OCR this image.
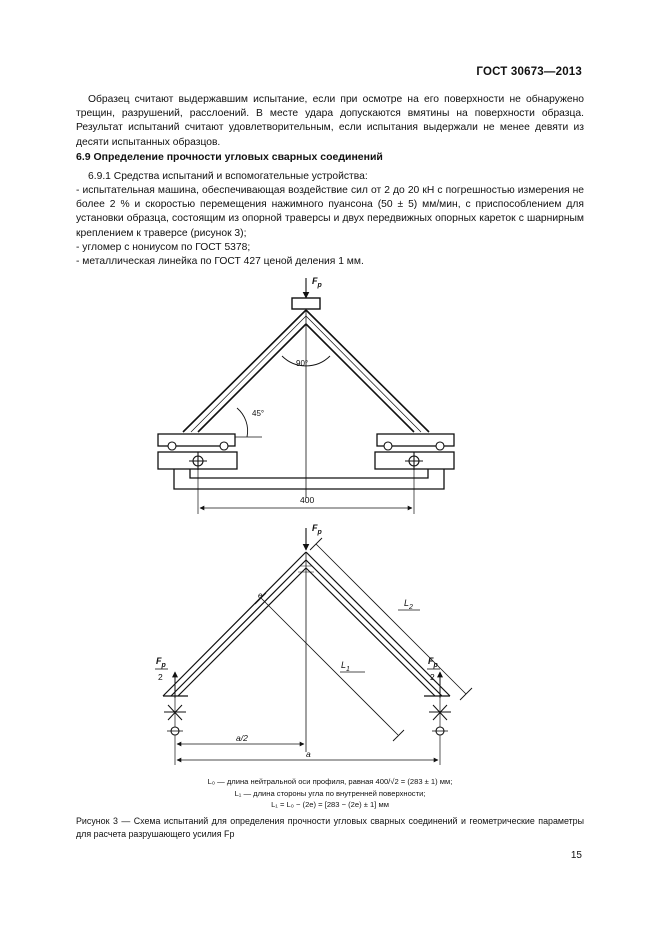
ГОСТ 30673—2013
Образец считают выдержавшим испытание, если при осмотре на его поверхности не обнаружено трещин, разрушений, расслоений. В месте удара допускаются вмятины на поверхности образца. Результат испытаний считают удовлетворительным, если испытания выдержали не менее девяти из десяти испытанных образцов.
6.9 Определение прочности угловых сварных соединений
6.9.1 Средства испытаний и вспомогательные устройства:
- испытательная машина, обеспечивающая воздействие сил от 2 до 20 кН с погрешностью измерения не более 2 % и скоростью перемещения нажимного пуансона (50 ± 5) мм/мин, с приспособлением для установки образца, состоящим из опорной траверсы и двух передвижных опорных кареток с шарнирным креплением к траверсе (рисунок 3);
- угломер с нониусом по ГОСТ 5378;
- металлическая линейка по ГОСТ 427 ценой деления 1 мм.
$F_p$
90°
45°
400
$F_p$
$F_p$
2
$F_p$
2
$L_1$
$L_2$
e
a/2
a
L₀ — длина нейтральной оси профиля, равная 400/√2 = (283 ± 1) мм;
L₁ — длина стороны угла по внутренней поверхности;
L₁ = L₀ − (2e) = [283 − (2e) ± 1] мм
Рисунок 3 — Схема испытаний для определения прочности угловых сварных соединений и геометрические параметры для расчета разрушающего усилия Fp
15
